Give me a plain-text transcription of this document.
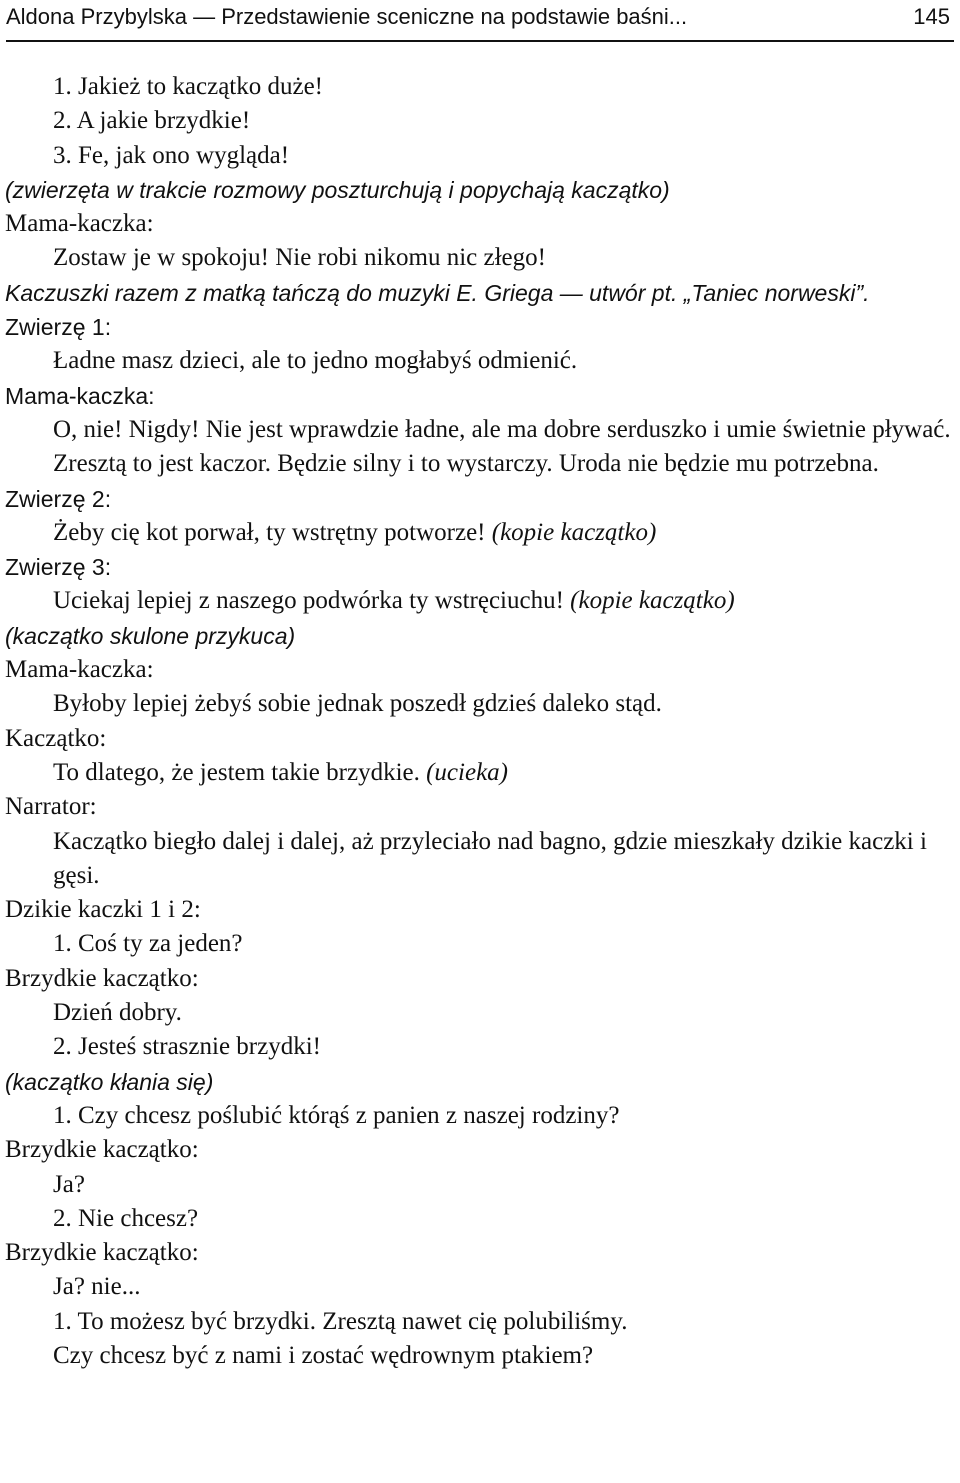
Aldona Przybylska — Przedstawienie sceniczne na podstawie baśni...	145
1. Jakież to kaczątko duże!
2. A jakie brzydkie!
3. Fe, jak ono wygląda!
(zwierzęta w trakcie rozmowy poszturchują i popychają kaczątko)
Mama-kaczka:
Zostaw je w spokoju! Nie robi nikomu nic złego!
Kaczuszki razem z matką tańczą do muzyki E. Griega — utwór pt. „Taniec norweski”.
Zwierzę 1:
Ładne masz dzieci, ale to jedno mogłabyś odmienić.
Mama-kaczka:
O, nie! Nigdy! Nie jest wprawdzie ładne, ale ma dobre serduszko i umie świetnie pływać. Zresztą to jest kaczor. Będzie silny i to wystarczy. Uroda nie będzie mu potrzebna.
Zwierzę 2:
Żeby cię kot porwał, ty wstrętny potworze! (kopie kaczątko)
Zwierzę 3:
Uciekaj lepiej z naszego podwórka ty wstręciuchu! (kopie kaczątko)
(kaczątko skulone przykuca)
Mama-kaczka:
Byłoby lepiej żebyś sobie jednak poszedł gdzieś daleko stąd.
Kaczątko:
To dlatego, że jestem takie brzydkie. (ucieka)
Narrator:
Kaczątko biegło dalej i dalej, aż przyleciało nad bagno, gdzie mieszkały dzikie kaczki i gęsi.
Dzikie kaczki 1 i 2:
1. Coś ty za jeden?
Brzydkie kaczątko:
Dzień dobry.
2. Jesteś strasznie brzydki!
(kaczątko kłania się)
1. Czy chcesz poślubić którąś z panien z naszej rodziny?
Brzydkie kaczątko:
Ja?
2. Nie chcesz?
Brzydkie kaczątko:
Ja? nie...
1. To możesz być brzydki. Zresztą nawet cię polubiliśmy.
Czy chcesz być z nami i zostać wędrownym ptakiem?
